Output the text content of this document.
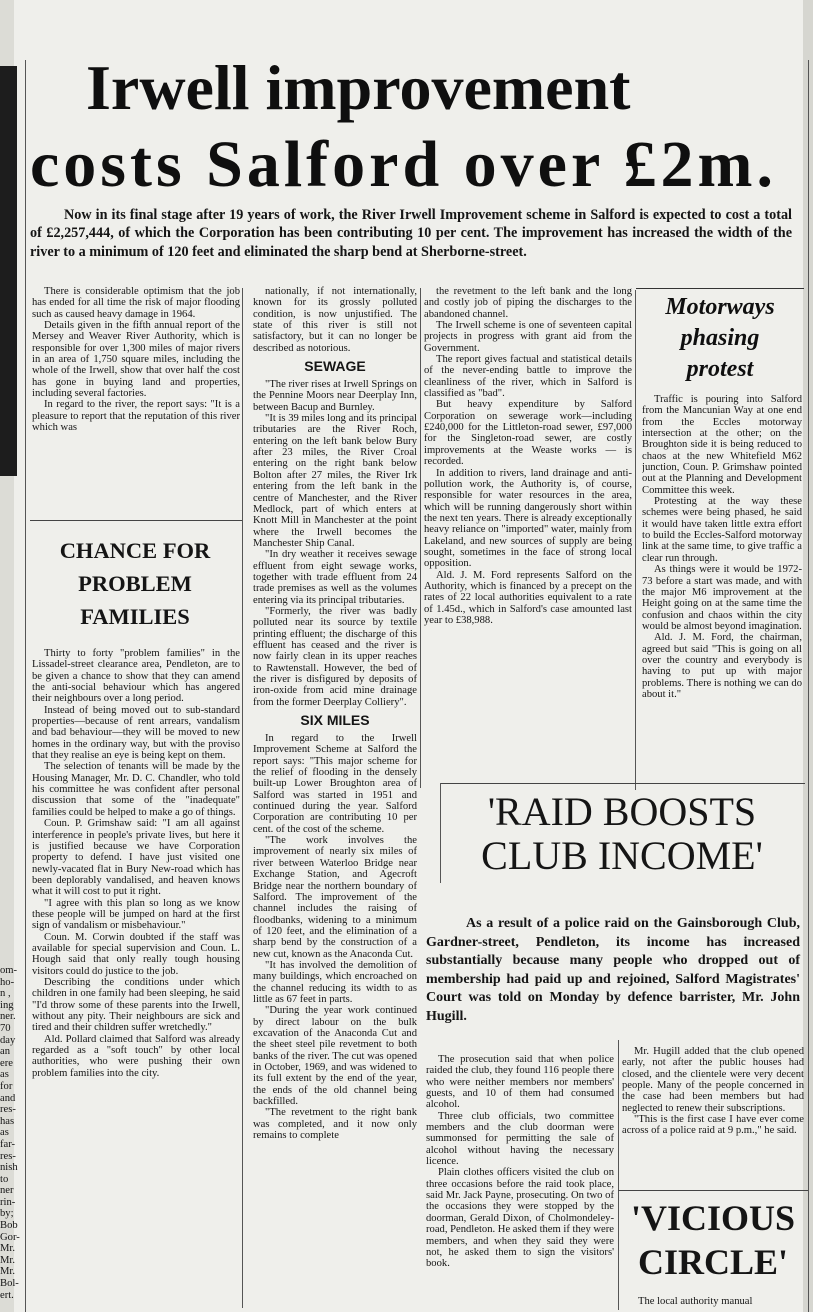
om-
ho-
n ,
ing
ner.
70
day
an
ere
as
for
and
res-
has
as
far-
res-
nish
to
ner
rin-
by;
Bob
Gor-
Mr.
Mr.
Mr.
Bol-
ert.
Irwell improvement
costs Salford over £2m.
Now in its final stage after 19 years of work, the River Irwell Improvement scheme in Salford is expected to cost a total of £2,257,444, of which the Corporation has been contributing 10 per cent. The improvement has increased the width of the river to a minimum of 120 feet and eliminated the sharp bend at Sherborne-street.

There is considerable optimism that the job has ended for all time the risk of major flooding such as caused heavy damage in 1964.

Details given in the fifth annual report of the Mersey and Weaver River Authority, which is responsible for over 1,300 miles of major rivers in an area of 1,750 square miles, including the whole of the Irwell, show that over half the cost has gone in buying land and properties, including several factories.

In regard to the river, the report says: "It is a pleasure to report that the reputation of this river which was

CHANCE FOR
PROBLEM
FAMILIES

Thirty to forty "problem families" in the Lissadel-street clearance area, Pendleton, are to be given a chance to show that they can amend the anti-social behaviour which has angered their neighbours over a long period.

Instead of being moved out to sub-standard properties—because of rent arrears, vandalism and bad behaviour—they will be moved to new homes in the ordinary way, but with the proviso that they realise an eye is being kept on them.

The selection of tenants will be made by the Housing Manager, Mr. D. C. Chandler, who told his committee he was confident after personal discussion that some of the "inadequate" families could be helped to make a go of things.

Coun. P. Grimshaw said: "I am all against interference in people's private lives, but here it is justified because we have Corporation property to defend. I have just visited one newly-vacated flat in Bury New-road which has been deplorably vandalised, and heaven knows what it will cost to put it right.

"I agree with this plan so long as we know these people will be jumped on hard at the first sign of vandalism or misbehaviour."

Coun. M. Corwin doubted if the staff was available for special supervision and Coun. L. Hough said that only really tough housing visitors could do justice to the job.

Describing the conditions under which children in one family had been sleeping, he said "I'd throw some of these parents into the Irwell, without any pity. Their neighbours are sick and tired and their children suffer wretchedly."

Ald. Pollard claimed that Salford was already regarded as a "soft touch" by other local authorities, who were pushing their own problem families into the city.

nationally, if not internationally, known for its grossly polluted condition, is now unjustified. The state of this river is still not satisfactory, but it can no longer be described as notorious.

SEWAGE

"The river rises at Irwell Springs on the Pennine Moors near Deerplay Inn, between Bacup and Burnley.

"It is 39 miles long and its principal tributaries are the River Roch, entering on the left bank below Bury after 23 miles, the River Croal entering on the right bank below Bolton after 27 miles, the River Irk entering from the left bank in the centre of Manchester, and the River Medlock, part of which enters at Knott Mill in Manchester at the point where the Irwell becomes the Manchester Ship Canal.

"In dry weather it receives sewage effluent from eight sewage works, together with trade effluent from 24 trade premises as well as the volumes entering via its principal tributaries.

"Formerly, the river was badly polluted near its source by textile printing effluent; the discharge of this effluent has ceased and the river is now fairly clean in its upper reaches to Rawtenstall. However, the bed of the river is disfigured by deposits of iron-oxide from acid mine drainage from the former Deerplay Colliery".

SIX MILES

In regard to the Irwell Improvement Scheme at Salford the report says: "This major scheme for the relief of flooding in the densely built-up Lower Broughton area of Salford was started in 1951 and continued during the year. Salford Corporation are contributing 10 per cent. of the cost of the scheme.

"The work involves the improvement of nearly six miles of river between Waterloo Bridge near Exchange Station, and Agecroft Bridge near the northern boundary of Salford. The improvement of the channel includes the raising of floodbanks, widening to a minimum of 120 feet, and the elimination of a sharp bend by the construction of a new cut, known as the Anaconda Cut.

"It has involved the demolition of many buildings, which encroached on the channel reducing its width to as little as 67 feet in parts.

"During the year work continued by direct labour on the bulk excavation of the Anaconda Cut and the sheet steel pile revetment to both banks of the river. The cut was opened in October, 1969, and was widened to its full extent by the end of the year, the ends of the old channel being backfilled.

"The revetment to the right bank was completed, and it now only remains to complete

the revetment to the left bank and the long and costly job of piping the discharges to the abandoned channel.

The Irwell scheme is one of seventeen capital projects in progress with grant aid from the Government.

The report gives factual and statistical details of the never-ending battle to improve the cleanliness of the river, which in Salford is classified as "bad".

But heavy expenditure by Salford Corporation on sewerage work—including £240,000 for the Littleton-road sewer, £97,000 for the Singleton-road sewer, are costly improvements at the Weaste works — is recorded.

In addition to rivers, land drainage and anti-pollution work, the Authority is, of course, responsible for water resources in the area, which will be running dangerously short within the next ten years. There is already exceptionally heavy reliance on "imported" water, mainly from Lakeland, and new sources of supply are being sought, sometimes in the face of strong local opposition.

Ald. J. M. Ford represents Salford on the Authority, which is financed by a precept on the rates of 22 local authorities equivalent to a rate of 1.45d., which in Salford's case amounted last year to £38,988.

Motorways
phasing
protest

Traffic is pouring into Salford from the Mancunian Way at one end from the Eccles motorway intersection at the other; on the Broughton side it is being reduced to chaos at the new Whitefield M62 junction, Coun. P. Grimshaw pointed out at the Planning and Development Committee this week.

Protesting at the way these schemes were being phased, he said it would have taken little extra effort to build the Eccles-Salford motorway link at the same time, to give traffic a clear run through.

As things were it would be 1972-73 before a start was made, and with the major M6 improvement at the Height going on at the same time the confusion and chaos within the city would be almost beyond imagination.

Ald. J. M. Ford, the chairman, agreed but said "This is going on all over the country and everybody is having to put up with major problems. There is nothing we can do about it."

'RAID BOOSTS
CLUB INCOME'
As a result of a police raid on the Gainsborough Club, Gardner-street, Pendleton, its income has increased substantially because many people who dropped out of membership had paid up and rejoined, Salford Magistrates' Court was told on Monday by defence barrister, Mr. John Hugill.

The prosecution said that when police raided the club, they found 116 people there who were neither members nor members' guests, and 10 of them had consumed alcohol.

Three club officials, two committee members and the club doorman were summonsed for permitting the sale of alcohol without having the necessary licence.

Plain clothes officers visited the club on three occasions before the raid took place, said Mr. Jack Payne, prosecuting. On two of the occasions they were stopped by the doorman, Gerald Dixon, of Cholmondeley-road, Pendleton. He asked them if they were members, and when they said they were not, he asked them to sign the visitors' book.

Mr. Hugill added that the club opened early, not after the public houses had closed, and the clientele were very decent people. Many of the people concerned in the case had been members but had neglected to renew their subscriptions.

"This is the first case I have ever come across of a police raid at 9 p.m.," he said.

'VICIOUS
CIRCLE'
The local authority manual
